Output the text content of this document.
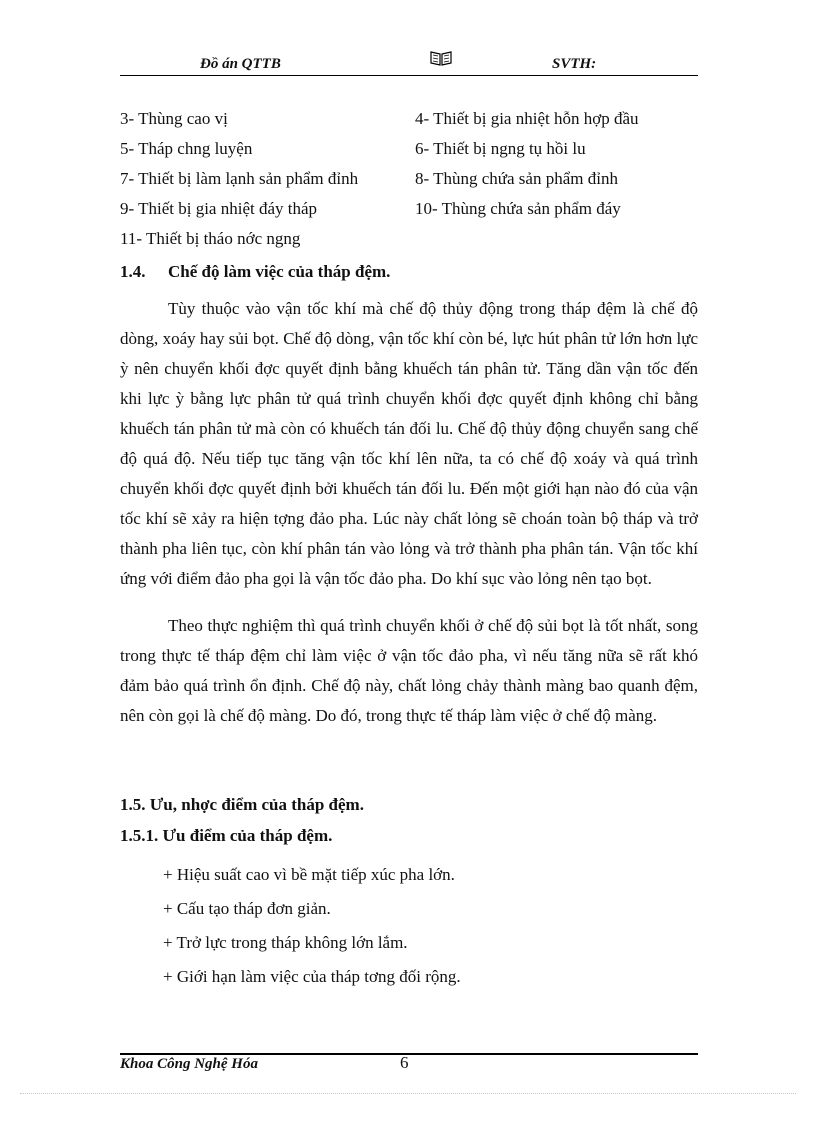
Đồ án QTTB	SVTH:
3- Thùng cao vị	4- Thiết bị gia nhiệt hỗn hợp đầu
5- Tháp chng luyện	6- Thiết bị ngng tụ hồi lu
7- Thiết bị làm lạnh sản phẩm đỉnh	8- Thùng chứa sản phẩm đỉnh
9- Thiết bị gia nhiệt đáy tháp	10- Thùng chứa sản phẩm đáy
11- Thiết bị tháo nớc ngng
1.4. Chế độ làm việc của tháp đệm.
Tùy thuộc vào vận tốc khí mà chế độ thủy động trong tháp đệm là chế độ dòng, xoáy hay sủi bọt. Chế độ dòng, vận tốc khí còn bé, lực hút phân tử lớn hơn lực ỳ nên chuyển khối đợc quyết định bằng khuếch tán phân tử. Tăng dần vận tốc đến khi lực ỳ bằng lực phân tử quá trình chuyển khối đợc quyết định không chỉ bằng khuếch tán phân tử mà còn có khuếch tán đối lu. Chế độ thủy động chuyển sang chế độ quá độ. Nếu tiếp tục tăng vận tốc khí lên nữa, ta có chế độ xoáy và quá trình chuyển khối đợc quyết định bởi khuếch tán đối lu. Đến một giới hạn nào đó của vận tốc khí sẽ xảy ra hiện tợng đảo pha. Lúc này chất lỏng sẽ choán toàn bộ tháp và trở thành pha liên tục, còn khí phân tán vào lỏng và trở thành pha phân tán. Vận tốc khí ứng với điểm đảo pha gọi là vận tốc đảo pha. Do khí sục vào lỏng nên tạo bọt.
Theo thực nghiệm thì quá trình chuyển khối ở chế độ sủi bọt là tốt nhất, song trong thực tế tháp đệm chỉ làm việc ở vận tốc đảo pha, vì nếu tăng nữa sẽ rất khó đảm bảo quá trình ổn định. Chế độ này, chất lỏng chảy thành màng bao quanh đệm, nên còn gọi là chế độ màng. Do đó, trong thực tế tháp làm việc ở chế độ màng.
1.5. Ưu, nhợc điểm của tháp đệm.
1.5.1. Ưu điểm của tháp đệm.
+ Hiệu suất cao vì bề mặt tiếp xúc pha lớn.
+ Cấu tạo tháp đơn giản.
+ Trở lực trong tháp không lớn lắm.
+ Giới hạn làm việc của tháp tơng đối rộng.
Khoa Công Nghệ Hóa	6
